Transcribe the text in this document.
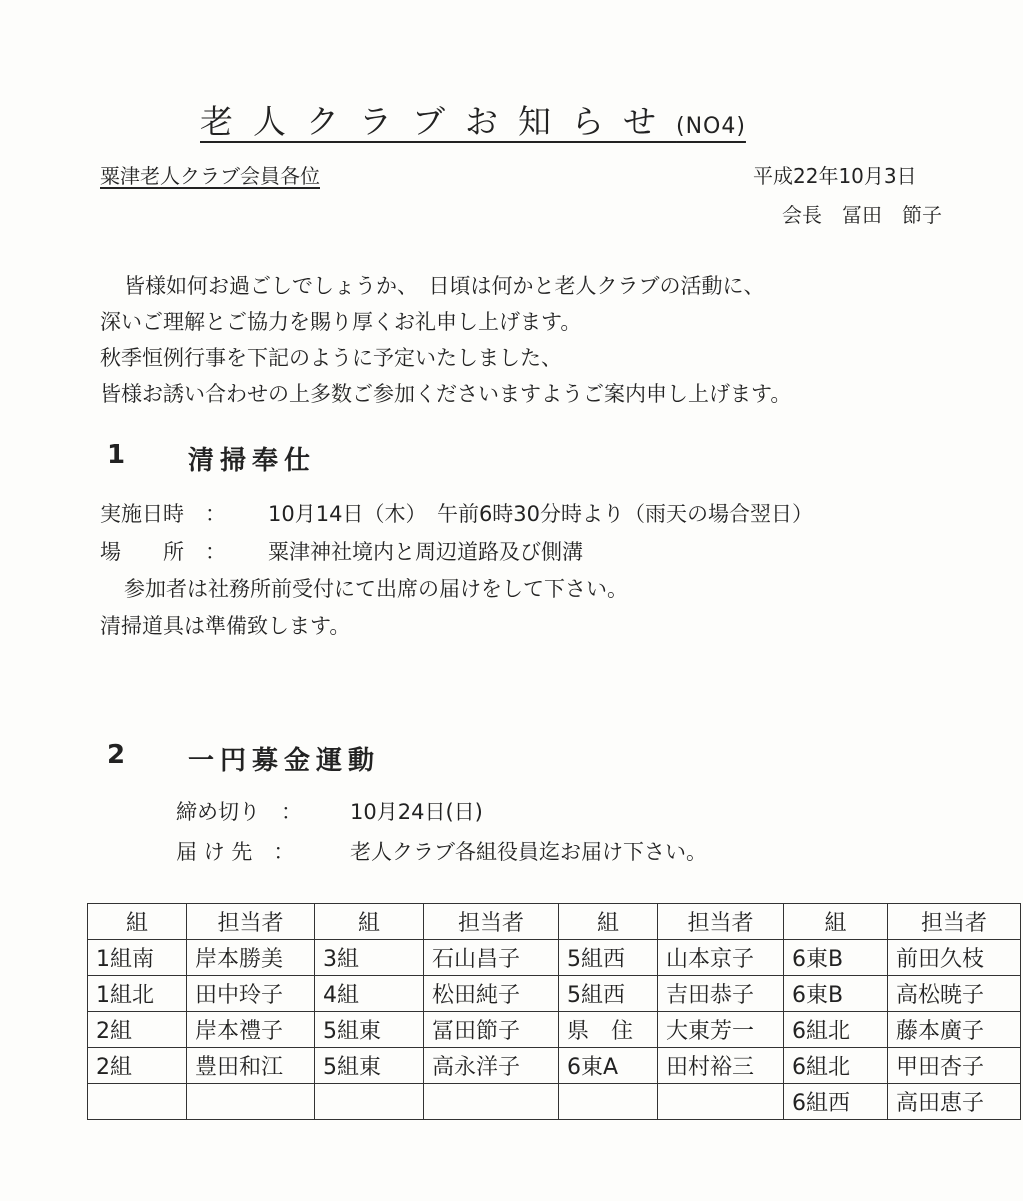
老人クラブお知らせ(NO4)
粟津老人クラブ会員各位	平成22年10月3日
会長　冨田　節子
皆様如何お過ごしでしょうか、　日頃は何かと老人クラブの活動に、
深いご理解とご協力を賜り厚くお礼申し上げます。
秋季恒例行事を下記のように予定いたしました、
皆様お誘い合わせの上多数ご参加くださいますようご案内申し上げます。
1 清掃奉仕
実施日時　： 10月14日（木）　午前6時30分時より（雨天の場合翌日）
場　　所　： 粟津神社境内と周辺道路及び側溝
参加者は社務所前受付にて出席の届けをして下さい。
清掃道具は準備致します。
2 一円募金運動
締め切り　： 10月24日(日)
届 け 先　：	老人クラブ各組役員迄お届け下さい。
組	担当者	組	担当者	組	担当者	組	担当者
1組南	岸本勝美	3組	石山昌子	5組西	山本京子	6東B	前田久枝
1組北	田中玲子	4組	松田純子	5組西	吉田恭子	6東B	高松暁子
2組	岸本禮子	5組東	冨田節子	県　住	大東芳一	6組北	藤本廣子
2組	豊田和江	5組東	高永洋子	6東A	田村裕三	6組北	甲田杏子
						6組西	高田恵子
